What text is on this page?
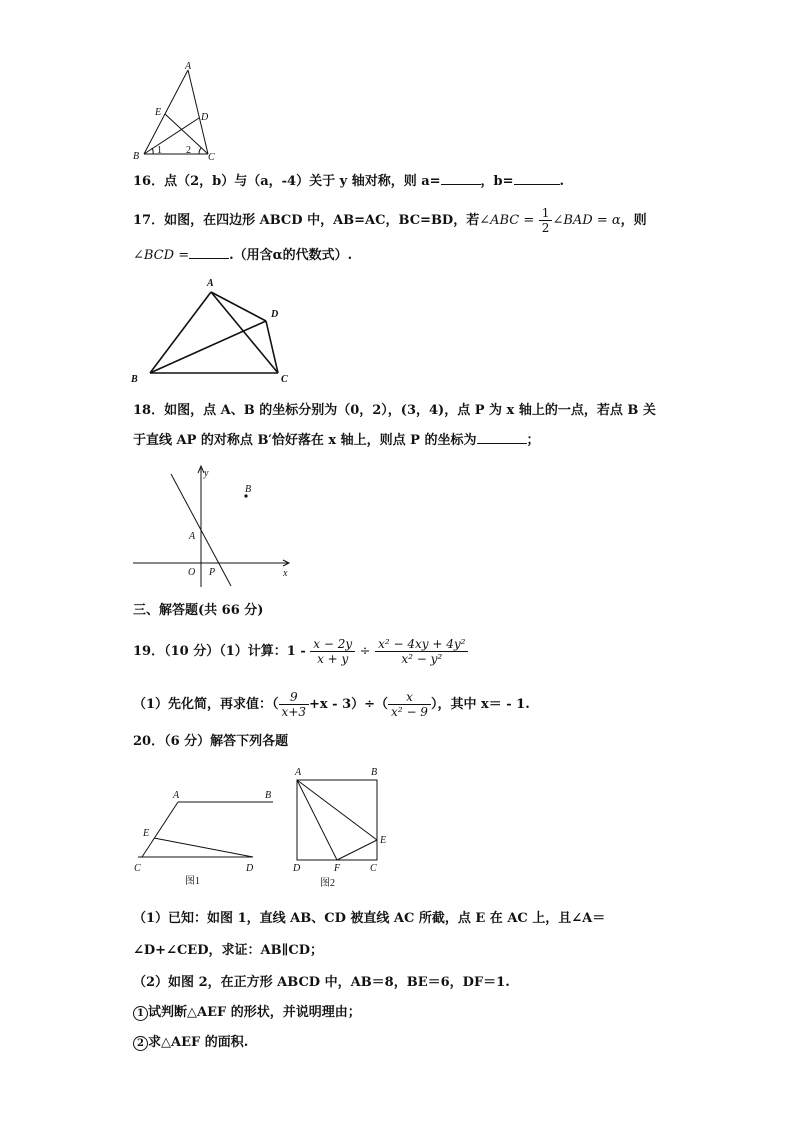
A
E	D
B	C
1 2
16．点（2，b）与（a，-4）关于 y 轴对称，则 a=	，b=	.
17．如图，在四边形 ABCD 中，AB=AC，BC=BD，若∠ABC = $\frac{1}{2}$ ∠BAD = α，则
∠BCD =	.（用含α的代数式）.
A
B	C
D
18．如图，点 A、B 的坐标分别为（0，2），(3，4)，点 P 为 x 轴上的一点，若点 B 关
于直线 AP 的对称点 B′恰好落在 x 轴上，则点 P 的坐标为	；
y
B
A
O P	x
三、解答题(共 66 分)
19．（10 分）（1）计算：$1 - \frac{x - 2y}{x + y} \div \frac{\text{x² − 4xy + 4y²}}{\text{x² − y²}}$
（1）先化简，再求值：（ $\frac{9}{x+3} +x - 3)\div( \frac{x}{\text{x² − 9}}$ ），其中 x＝ - 1.
20．（6 分）解答下列各题
A	B
E
C	D
图1
A	B
E
D	F	C
图2
（1）已知：如图 1，直线 AB、CD 被直线 AC 所截，点 E 在 AC 上，且∠A＝
∠D+∠CED，求证：AB∥CD；
（2）如图 2，在正方形 ABCD 中，AB＝8，BE＝6，DF＝1.
1 试判断△AEF 的形状，并说明理由；
2 求△AEF 的面积.
